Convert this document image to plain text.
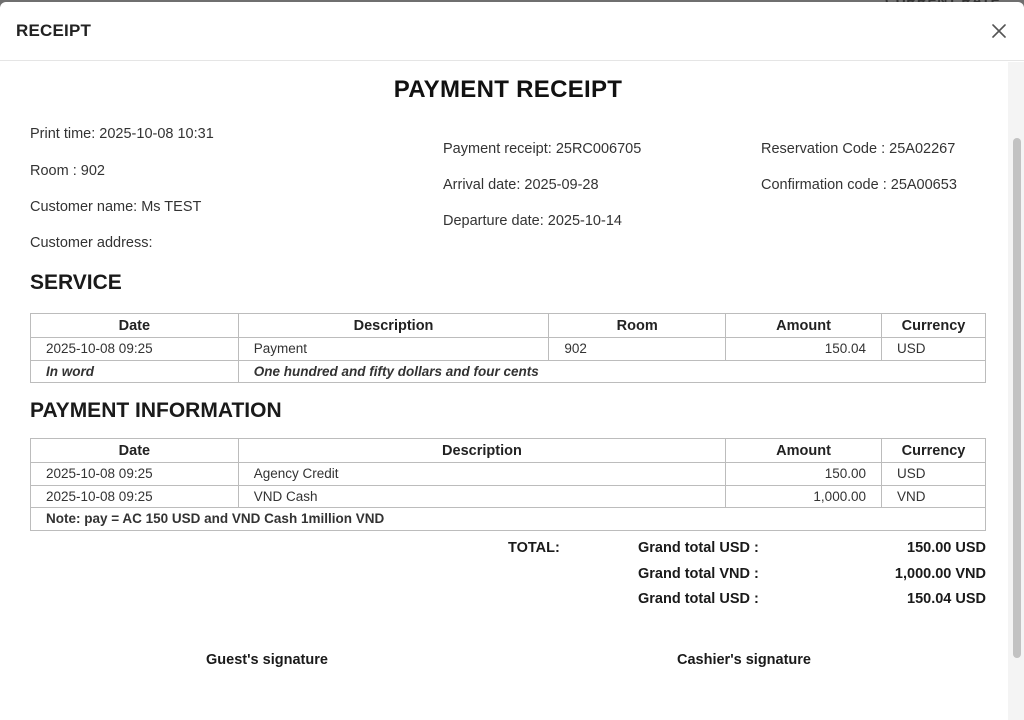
RECEIPT
PAYMENT RECEIPT
Print time: 2025-10-08 10:31
Room : 902
Customer name: Ms TEST
Customer address:
Payment receipt: 25RC006705
Arrival date: 2025-09-28
Departure date: 2025-10-14
Reservation Code : 25A02267
Confirmation code : 25A00653
SERVICE
Date	Description	Room	Amount	Currency
2025-10-08 09:25	Payment	902	150.04	USD
In word	One hundred and fifty dollars and four cents			
PAYMENT INFORMATION
Date	Description	Amount	Currency
2025-10-08 09:25	Agency Credit	150.00	USD
2025-10-08 09:25	VND Cash	1,000.00	VND
Note: pay = AC 150 USD and VND Cash 1million VND			
TOTAL:	Grand total USD :	150.00 USD
Grand total VND :	1,000.00 VND
Grand total USD :	150.04 USD
Guest's signature	Cashier's signature
